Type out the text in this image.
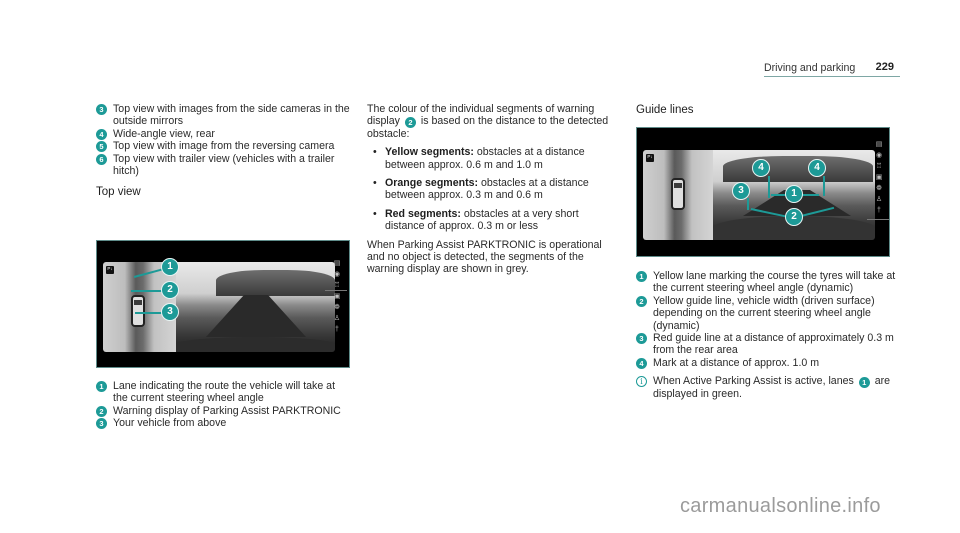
Driving and parking 229
3 Top view with images from the side cameras in the outside mirrors
4 Wide-angle view, rear
5 Top view with image from the reversing camera
6 Top view with trailer view (vehicles with a trailer hitch)
Top view
P↓
▤
◉
♖
▣
❁
♙
†
1
2
3
1 Lane indicating the route the vehicle will take at the current steering wheel angle
2 Warning display of Parking Assist PARKTRONIC
3 Your vehicle from above

The colour of the individual segments of warning display 2 is based on the distance to the detected obstacle:

• Yellow segments: obstacles at a distance between approx. 0.6 m and 1.0 m
• Orange segments: obstacles at a distance between approx. 0.3 m and 0.6 m
• Red segments: obstacles at a very short distance of approx. 0.3 m or less

When Parking Assist PARKTRONIC is operational and no object is detected, the segments of the warning display are shown in grey.

Guide lines
P↓
▤
◉
♖
▣
❁
♙
†
4	4
3	1
2
1 Yellow lane marking the course the tyres will take at the current steering wheel angle (dynamic)
2 Yellow guide line, vehicle width (driven surface) depending on the current steering wheel angle (dynamic)
3 Red guide line at a distance of approximately 0.3 m from the rear area
4 Mark at a distance of approx. 1.0 m
i When Active Parking Assist is active, lanes 1 are displayed in green.
carmanualsonline.info
